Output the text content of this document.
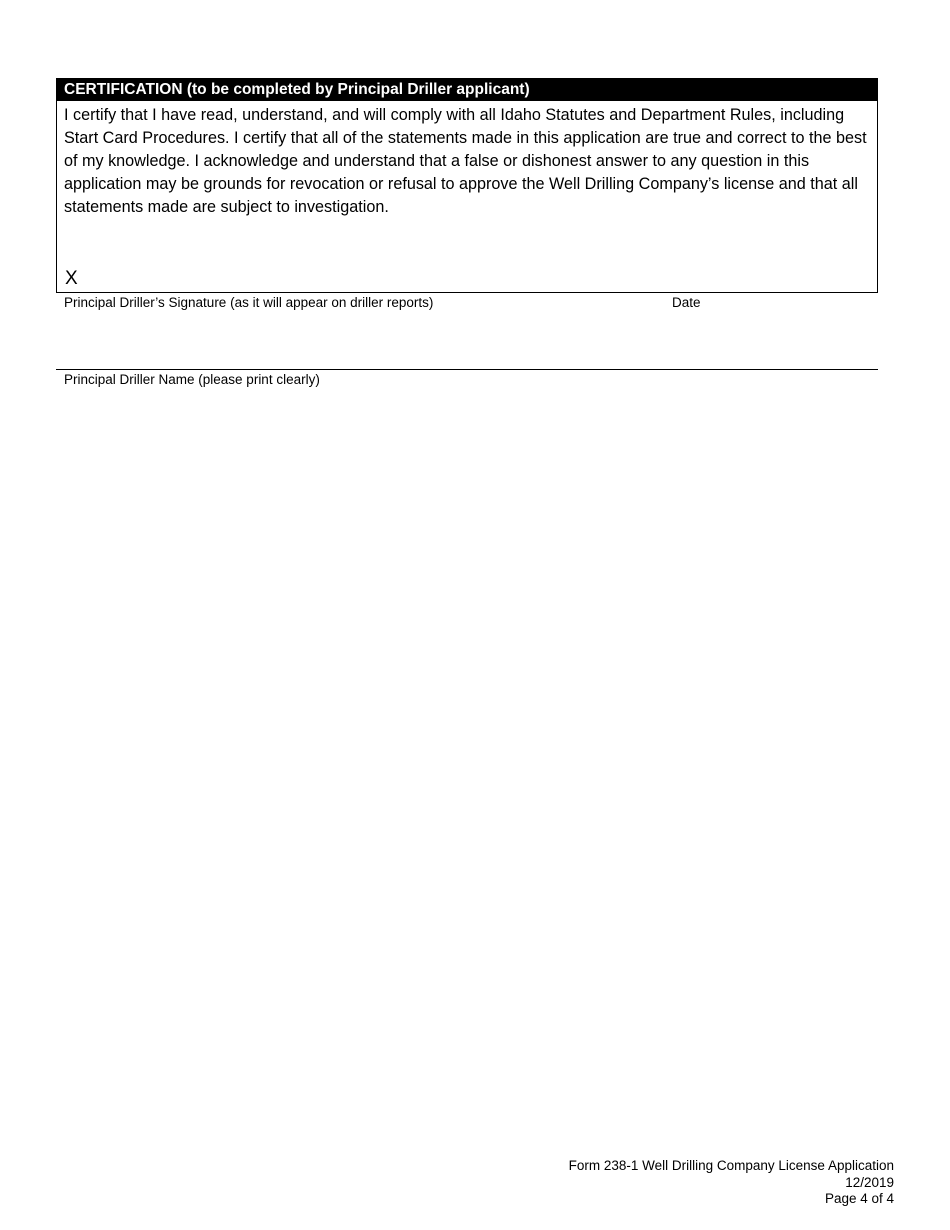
CERTIFICATION (to be completed by Principal Driller applicant)
I certify that I have read, understand, and will comply with all Idaho Statutes and Department Rules, including Start Card Procedures. I certify that all of the statements made in this application are true and correct to the best of my knowledge. I acknowledge and understand that a false or dishonest answer to any question in this application may be grounds for revocation or refusal to approve the Well Drilling Company’s license and that all statements made are subject to investigation.
X
Principal Driller’s Signature (as it will appear on driller reports)	Date
Principal Driller Name (please print clearly)
Form 238-1 Well Drilling Company License Application
12/2019
Page 4 of 4
